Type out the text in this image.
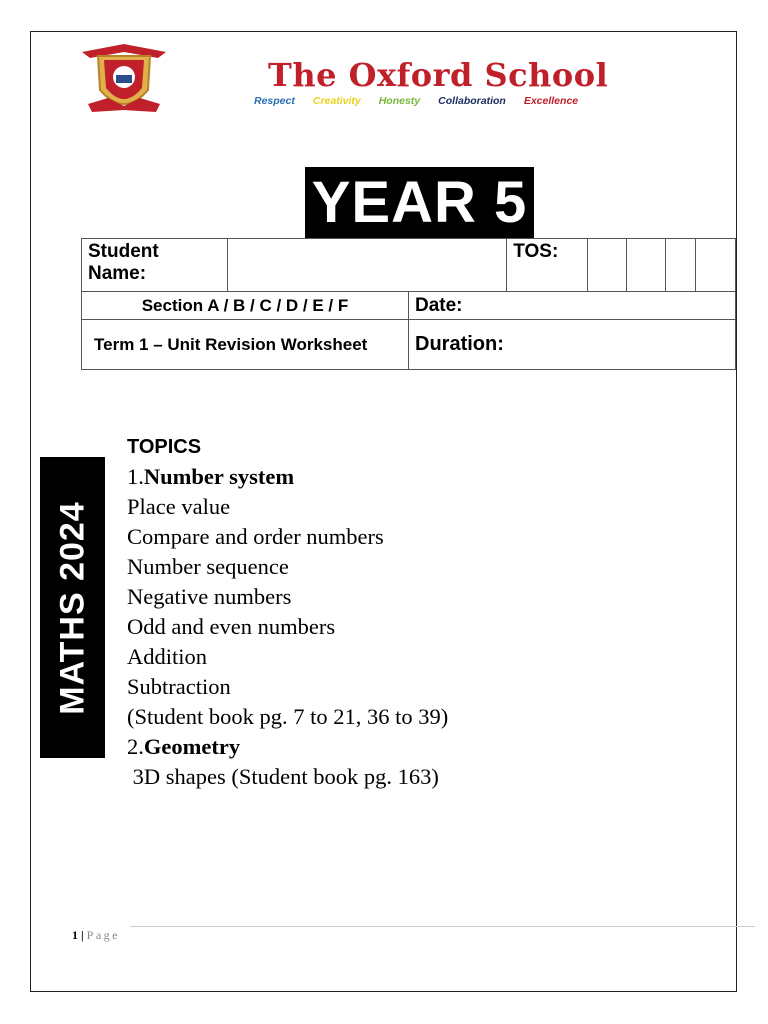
The Oxford School
Respect Creativity Honesty Collaboration Excellence
YEAR 5
Student Name:		TOS:				
Section A / B / C / D / E / F	Date:
Term 1 – Unit Revision Worksheet	Duration:
MATHS 2024
TOPICS
1.Number system
Place value
Compare and order numbers
Number sequence
Negative numbers
Odd and even numbers
Addition
Subtraction
(Student book pg. 7 to 21, 36 to 39)
2.Geometry
3D shapes (Student book pg. 163)
1 | Page
